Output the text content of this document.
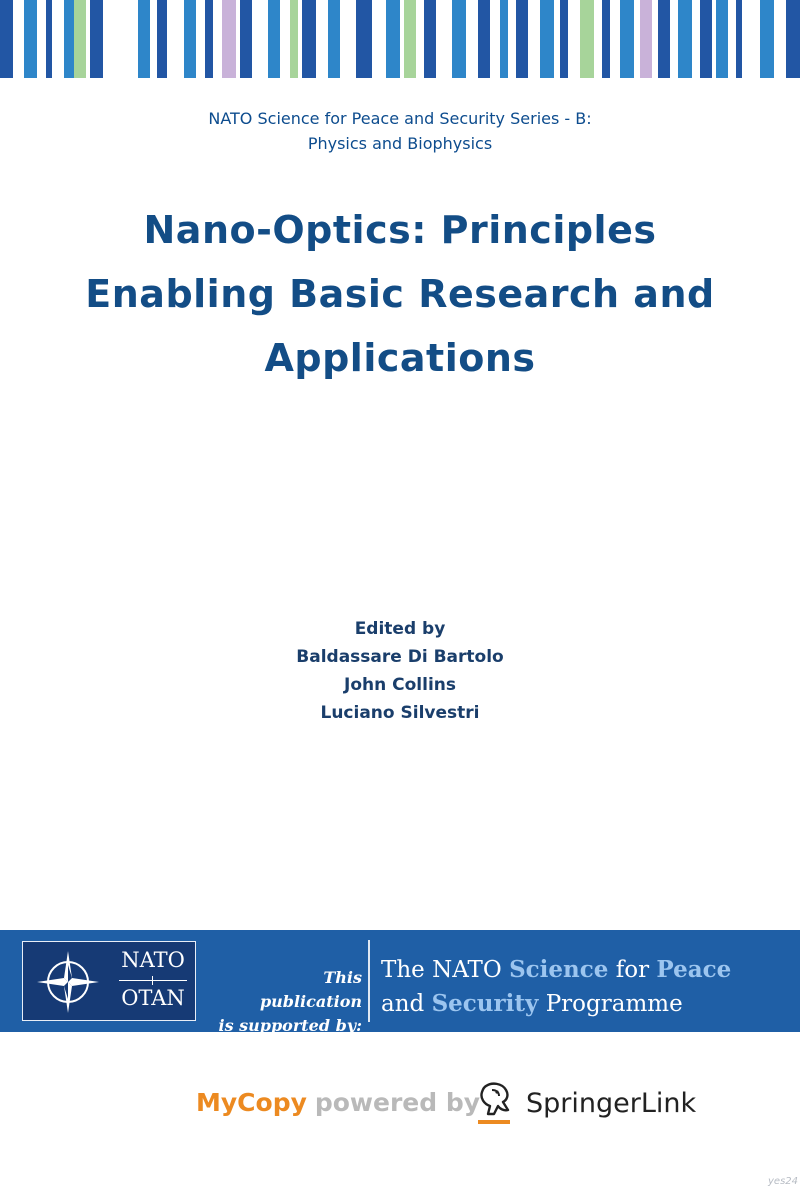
NATO Science for Peace and Security Series - B:
Physics and Biophysics
Nano-Optics: Principles
Enabling Basic Research and
Applications
Edited by
Baldassare Di Bartolo
John Collins
Luciano Silvestri
NATO
OTAN
This publication
is supported by:
The NATO Science for Peace
and Security Programme
MyCopy powered by SpringerLink
yes24
